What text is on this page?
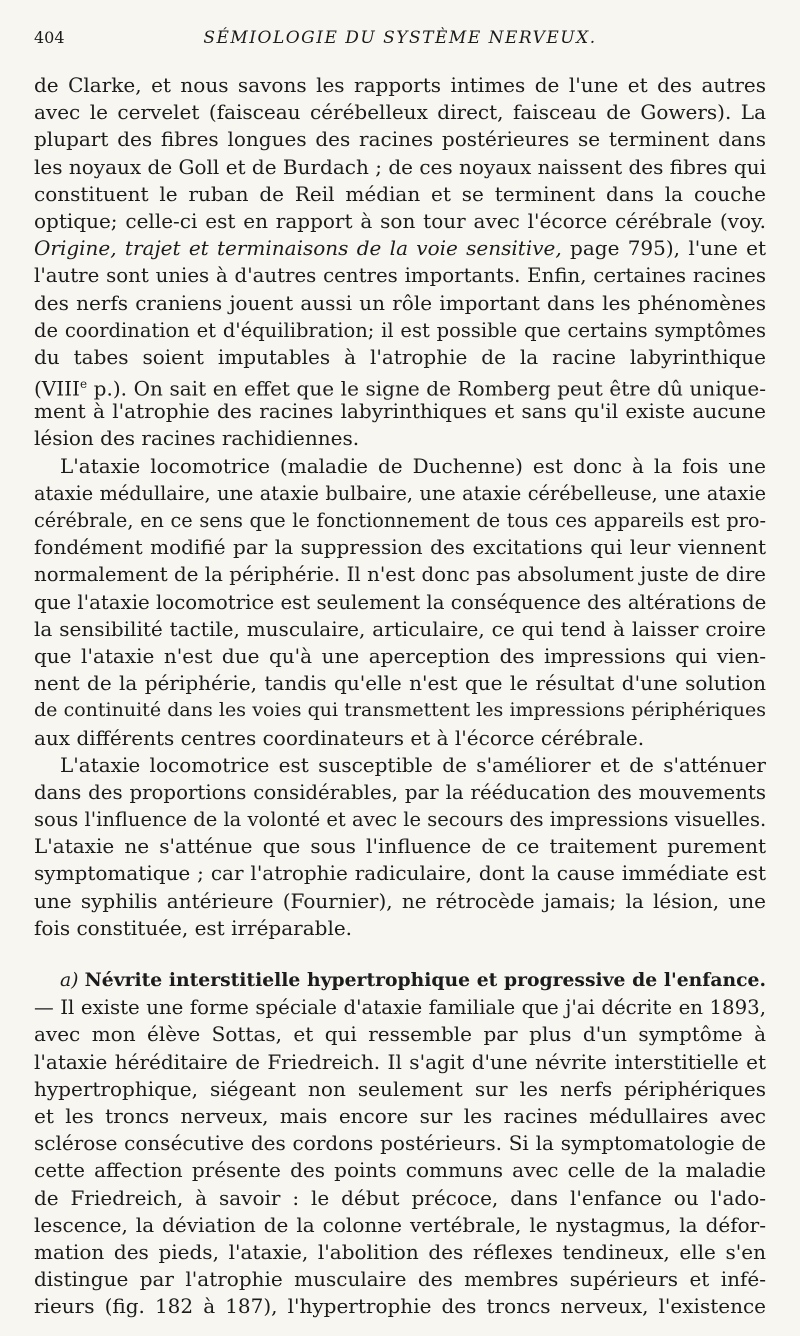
404	SÉMIOLOGIE DU SYSTÈME NERVEUX.
de Clarke, et nous savons les rapports intimes de l'une et des autres
avec le cervelet (faisceau cérébelleux direct, faisceau de Gowers). La
plupart des fibres longues des racines postérieures se terminent dans
les noyaux de Goll et de Burdach ; de ces noyaux naissent des fibres qui
constituent le ruban de Reil médian et se terminent dans la couche
optique; celle-ci est en rapport à son tour avec l'écorce cérébrale (voy.
Origine, trajet et terminaisons de la voie sensitive, page 795), l'une et
l'autre sont unies à d'autres centres importants. Enfin, certaines racines
des nerfs craniens jouent aussi un rôle important dans les phénomènes
de coordination et d'équilibration; il est possible que certains symptômes
du tabes soient imputables à l'atrophie de la racine labyrinthique
(VIIIe p.). On sait en effet que le signe de Romberg peut être dû unique-
ment à l'atrophie des racines labyrinthiques et sans qu'il existe aucune
lésion des racines rachidiennes.
L'ataxie locomotrice (maladie de Duchenne) est donc à la fois une
ataxie médullaire, une ataxie bulbaire, une ataxie cérébelleuse, une ataxie
cérébrale, en ce sens que le fonctionnement de tous ces appareils est pro-
fondément modifié par la suppression des excitations qui leur viennent
normalement de la périphérie. Il n'est donc pas absolument juste de dire
que l'ataxie locomotrice est seulement la conséquence des altérations de
la sensibilité tactile, musculaire, articulaire, ce qui tend à laisser croire
que l'ataxie n'est due qu'à une aperception des impressions qui vien-
nent de la périphérie, tandis qu'elle n'est que le résultat d'une solution
de continuité dans les voies qui transmettent les impressions périphériques
aux différents centres coordinateurs et à l'écorce cérébrale.
L'ataxie locomotrice est susceptible de s'améliorer et de s'atténuer
dans des proportions considérables, par la rééducation des mouvements
sous l'influence de la volonté et avec le secours des impressions visuelles.
L'ataxie ne s'atténue que sous l'influence de ce traitement purement
symptomatique ; car l'atrophie radiculaire, dont la cause immédiate est
une syphilis antérieure (Fournier), ne rétrocède jamais; la lésion, une
fois constituée, est irréparable.
a) Névrite interstitielle hypertrophique et progressive de l'enfance.
— Il existe une forme spéciale d'ataxie familiale que j'ai décrite en 1893,
avec mon élève Sottas, et qui ressemble par plus d'un symptôme à
l'ataxie héréditaire de Friedreich. Il s'agit d'une névrite interstitielle et
hypertrophique, siégeant non seulement sur les nerfs périphériques
et les troncs nerveux, mais encore sur les racines médullaires avec
sclérose consécutive des cordons postérieurs. Si la symptomatologie de
cette affection présente des points communs avec celle de la maladie
de Friedreich, à savoir : le début précoce, dans l'enfance ou l'ado-
lescence, la déviation de la colonne vertébrale, le nystagmus, la défor-
mation des pieds, l'ataxie, l'abolition des réflexes tendineux, elle s'en
distingue par l'atrophie musculaire des membres supérieurs et infé-
rieurs (fig. 182 à 187), l'hypertrophie des troncs nerveux, l'existence
